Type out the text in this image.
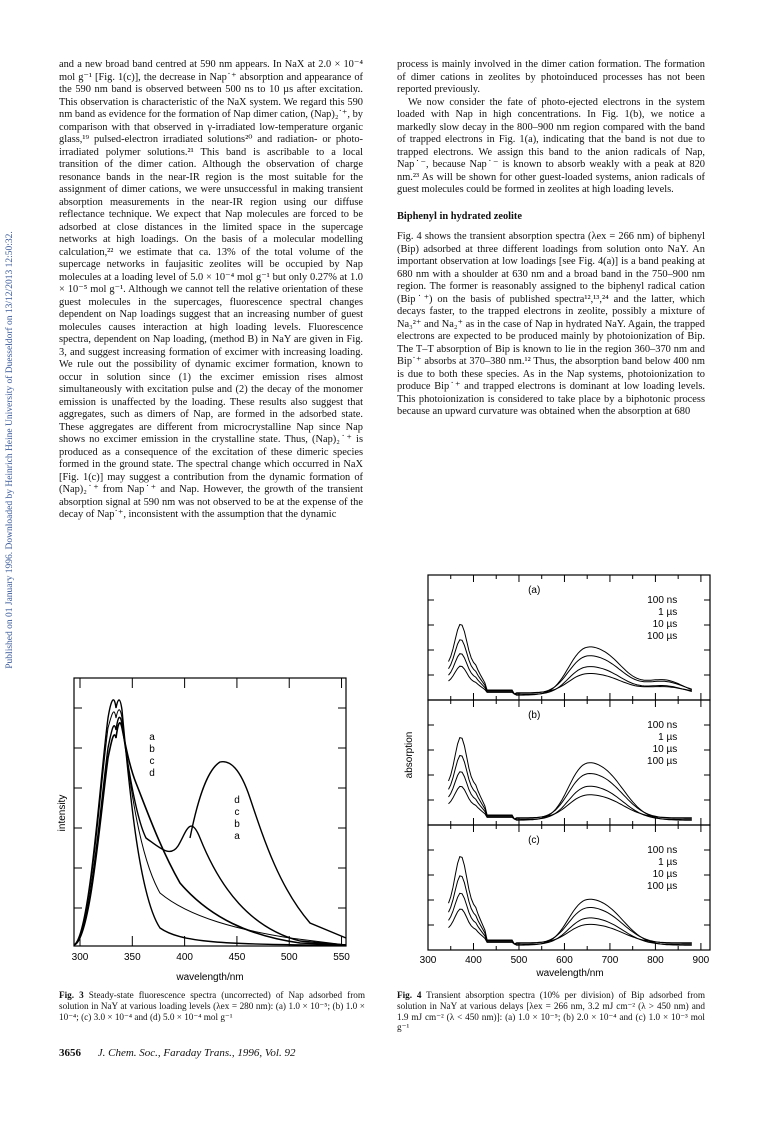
Published on 01 January 1996. Downloaded by Heinrich Heine University of Duesseldorf on 13/12/2013 12:50:32.

and a new broad band centred at 590 nm appears. In NaX at 2.0 × 10⁻⁴ mol g⁻¹ [Fig. 1(c)], the decrease in Nap˙⁺ absorption and appearance of the 590 nm band is observed between 500 ns to 10 µs after excitation. This observation is characteristic of the NaX system. We regard this 590 nm band as evidence for the formation of Nap dimer cation, (Nap)₂˙⁺, by comparison with that observed in γ-irradiated low-temperature organic glass,¹⁹ pulsed-electron irradiated solutions²⁰ and radiation- or photo-irradiated polymer solutions.²¹ This band is ascribable to a local transition of the dimer cation. Although the observation of charge resonance bands in the near-IR region is the most suitable for the assignment of dimer cations, we were unsuccessful in making transient absorption measurements in the near-IR region using our diffuse reflectance technique. We expect that Nap molecules are forced to be adsorbed at close distances in the limited space in the supercage networks at high loadings. On the basis of a molecular modelling calculation,²² we estimate that ca. 13% of the total volume of the supercage networks in faujasitic zeolites will be occupied by Nap molecules at a loading level of 5.0 × 10⁻⁴ mol g⁻¹ but only 0.27% at 1.0 × 10⁻⁵ mol g⁻¹. Although we cannot tell the relative orientation of these guest molecules in the supercages, fluorescence spectral changes dependent on Nap loadings suggest that an increasing number of guest molecules causes interaction at high loading levels. Fluorescence spectra, dependent on Nap loading, (method B) in NaY are given in Fig. 3, and suggest increasing formation of excimer with increasing loading. We rule out the possibility of dynamic excimer formation, known to occur in solution since (1) the excimer emission rises almost simultaneously with excitation pulse and (2) the decay of the monomer emission is unaffected by the loading. These results also suggest that aggregates, such as dimers of Nap, are formed in the adsorbed state. These aggregates are different from microcrystalline Nap since Nap shows no excimer emission in the crystalline state. Thus, (Nap)₂˙⁺ is produced as a consequence of the excitation of these dimeric species formed in the ground state. The spectral change which occurred in NaX [Fig. 1(c)] may suggest a contribution from the dynamic formation of (Nap)₂˙⁺ from Nap˙⁺ and Nap. However, the growth of the transient absorption signal at 590 nm was not observed to be at the expense of the decay of Nap˙⁺, inconsistent with the assumption that the dynamic

process is mainly involved in the dimer cation formation. The formation of dimer cations in zeolites by photoinduced processes has not been reported previously.

We now consider the fate of photo-ejected electrons in the system loaded with Nap in high concentrations. In Fig. 1(b), we notice a markedly slow decay in the 800–900 nm region compared with the band of trapped electrons in Fig. 1(a), indicating that the band is not due to trapped electrons. We assign this band to the anion radicals of Nap, Nap˙⁻, because Nap˙⁻ is known to absorb weakly with a peak at 820 nm.²³ As will be shown for other guest-loaded systems, anion radicals of guest molecules could be formed in zeolites at high loading levels.

Biphenyl in hydrated zeolite

Fig. 4 shows the transient absorption spectra (λex = 266 nm) of biphenyl (Bip) adsorbed at three different loadings from solution onto NaY. An important observation at low loadings [see Fig. 4(a)] is a band peaking at 680 nm with a shoulder at 630 nm and a broad band in the 750–900 nm region. The former is reasonably assigned to the biphenyl radical cation (Bip˙⁺) on the basis of published spectra¹²,¹³,²⁴ and the latter, which decays faster, to the trapped electrons in zeolite, possibly a mixture of Na₃²⁺ and Na₂⁺ as in the case of Nap in hydrated NaY. Again, the trapped electrons are expected to be produced mainly by photoionization of Bip. The T–T absorption of Bip is known to lie in the region 360–370 nm and Bip˙⁺ absorbs at 370–380 nm.¹² Thus, the absorption band below 400 nm is due to both these species. As in the Nap systems, photoionization to produce Bip˙⁺ and trapped electrons is dominant at low loading levels. This photoionization is considered to take place by a biphotonic process because an upward curvature was obtained when the absorption at 680

a
b
c
d
d
c
b
a
300	350	400	450	500	550
wavelength/nm
intensity
(a)
100 ns
1 µs
10 µs
100 µs
(b)
100 ns
1 µs
10 µs
100 µs
(c)
100 ns
1 µs
10 µs
100 µs
300	400	500	600	700	800	900
wavelength/nm
absorption
Fig. 3 Steady-state fluorescence spectra (uncorrected) of Nap adsorbed from solution in NaY at various loading levels (λex = 280 nm): (a) 1.0 × 10⁻⁵; (b) 1.0 × 10⁻⁴; (c) 3.0 × 10⁻⁴ and (d) 5.0 × 10⁻⁴ mol g⁻¹
Fig. 4 Transient absorption spectra (10% per division) of Bip adsorbed from solution in NaY at various delays [λex = 266 nm, 3.2 mJ cm⁻² (λ > 450 nm) and 1.9 mJ cm⁻² (λ < 450 nm)]: (a) 1.0 × 10⁻⁵; (b) 2.0 × 10⁻⁴ and (c) 1.0 × 10⁻³ mol g⁻¹
3656 J. Chem. Soc., Faraday Trans., 1996, Vol. 92
